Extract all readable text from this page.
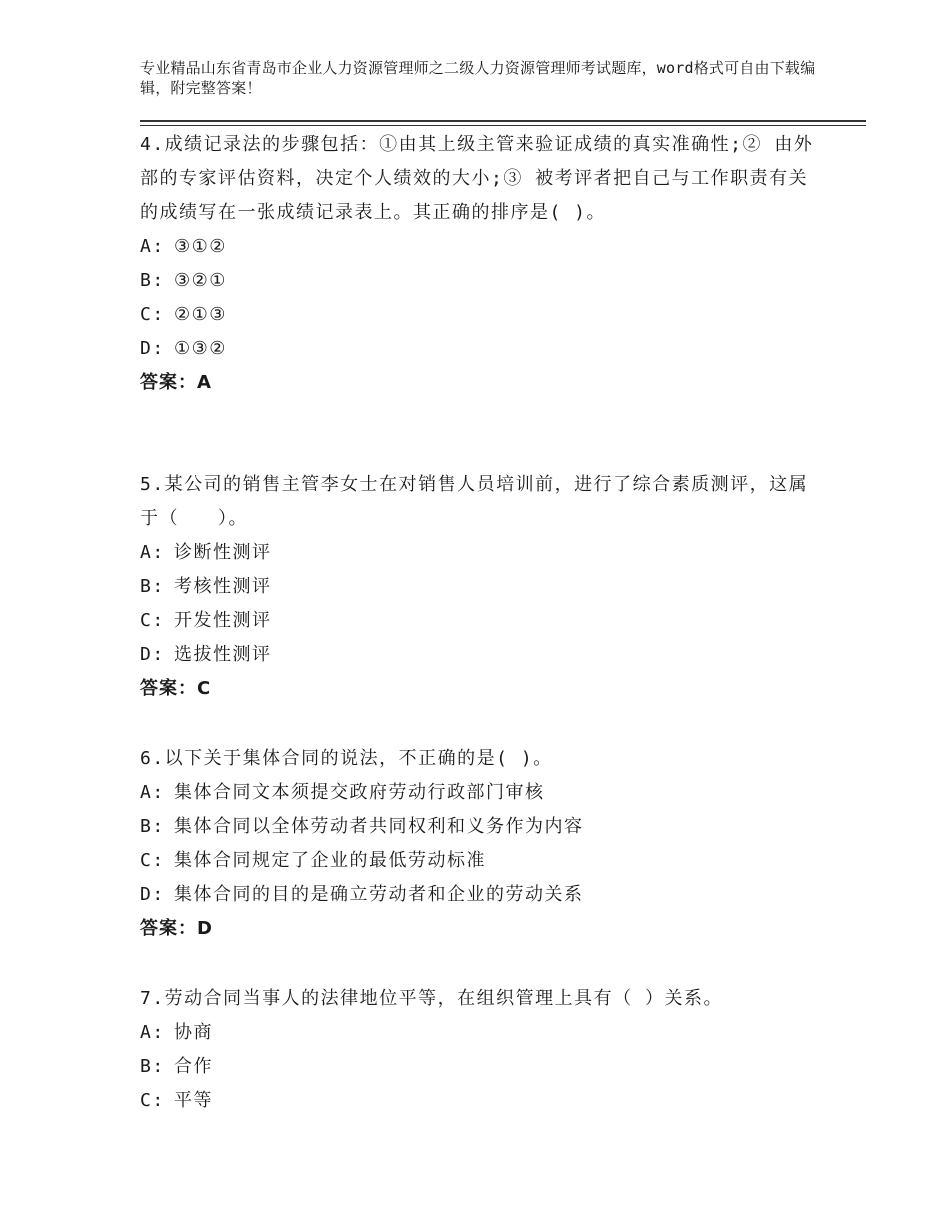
专业精品山东省青岛市企业人力资源管理师之二级人力资源管理师考试题库，word格式可自由下载编辑，附完整答案！

4.成绩记录法的步骤包括：①由其上级主管来验证成绩的真实准确性;② 由外部的专家评估资料，决定个人绩效的大小;③ 被考评者把自己与工作职责有关的成绩写在一张成绩记录表上。其正确的排序是( )。

A: ③①②

B: ③②①

C: ②①③

D: ①③②

答案：A

5.某公司的销售主管李女士在对销售人员培训前，进行了综合素质测评，这属于（　　）。

A: 诊断性测评

B: 考核性测评

C: 开发性测评

D: 选拔性测评

答案：C

6.以下关于集体合同的说法，不正确的是( )。

A: 集体合同文本须提交政府劳动行政部门审核

B: 集体合同以全体劳动者共同权利和义务作为内容

C: 集体合同规定了企业的最低劳动标准

D: 集体合同的目的是确立劳动者和企业的劳动关系

答案：D

7.劳动合同当事人的法律地位平等，在组织管理上具有（ ）关系。

A: 协商

B: 合作

C: 平等
